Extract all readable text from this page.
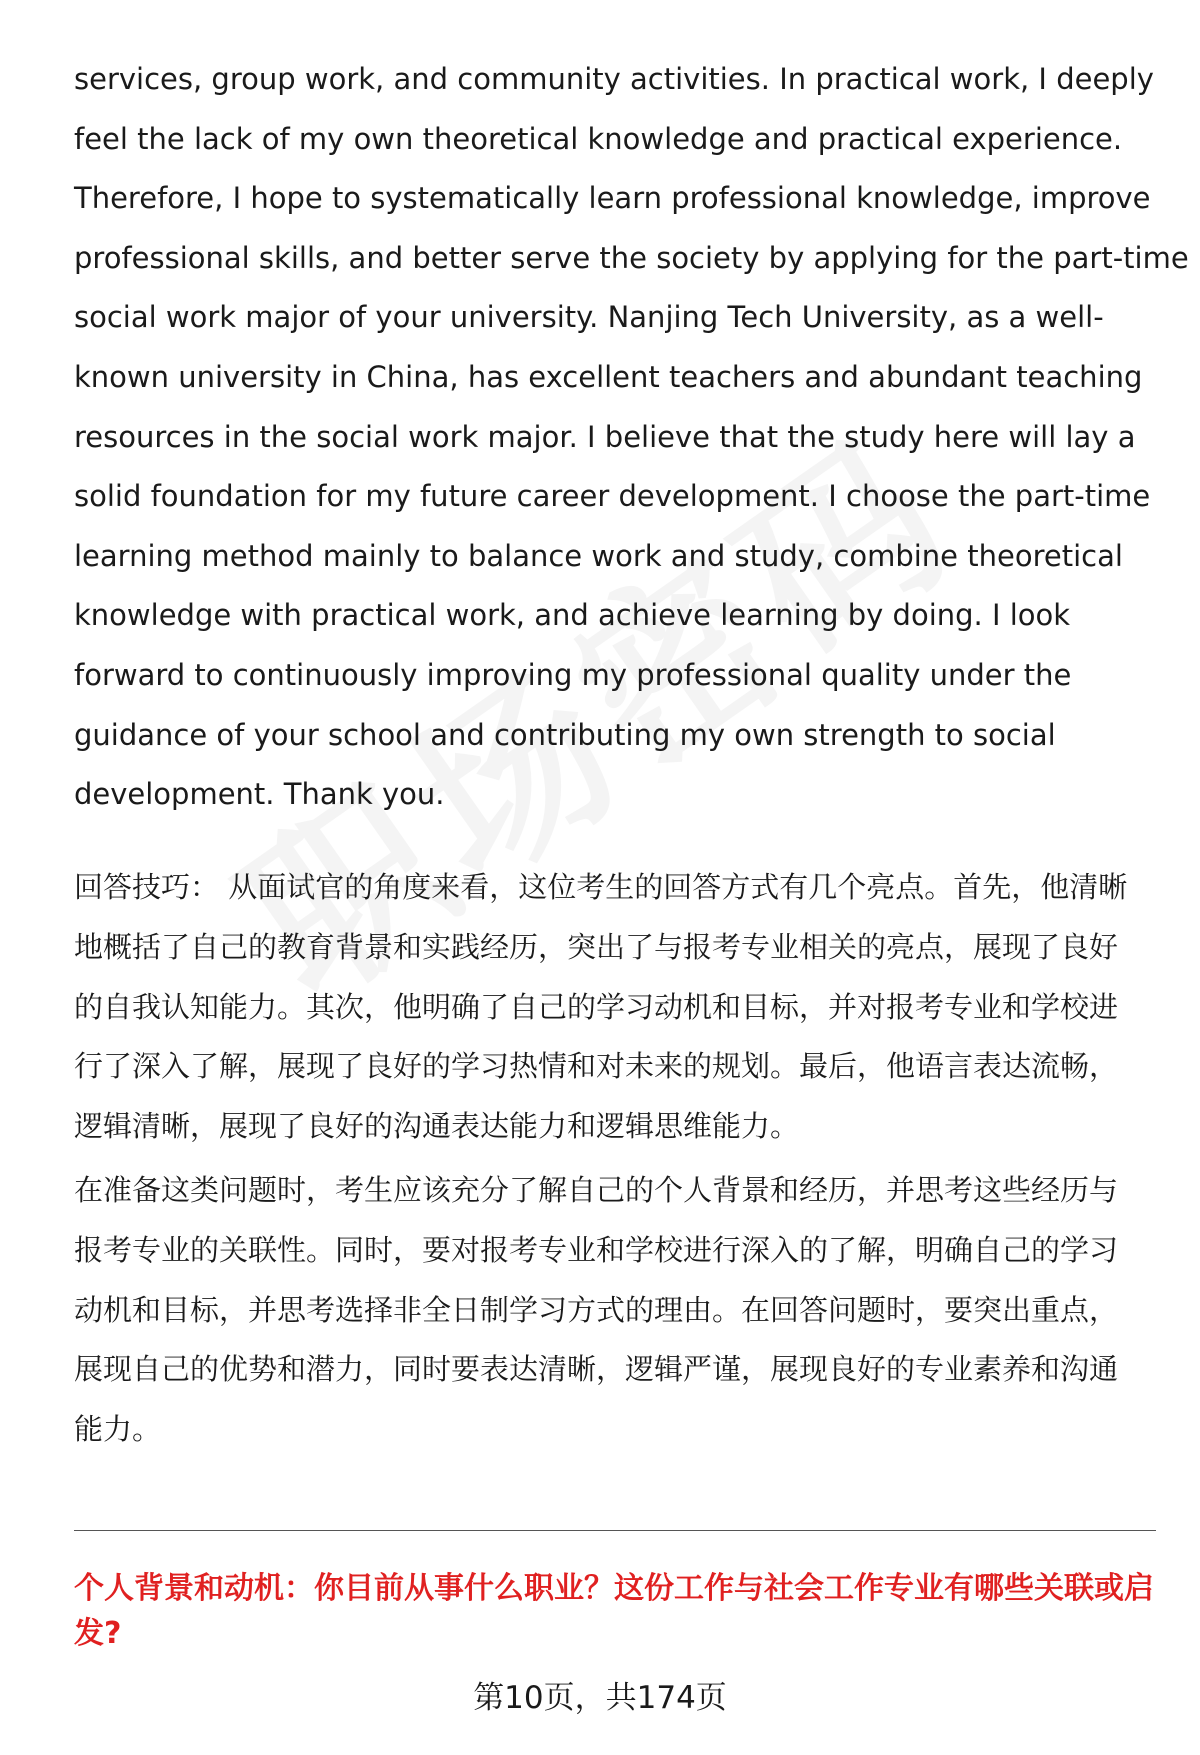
services, group work, and community activities. In practical work, I deeply
feel the lack of my own theoretical knowledge and practical experience.
Therefore, I hope to systematically learn professional knowledge, improve
professional skills, and better serve the society by applying for the part-time
social work major of your university. Nanjing Tech University, as a well-
known university in China, has excellent teachers and abundant teaching
resources in the social work major. I believe that the study here will lay a
solid foundation for my future career development. I choose the part-time
learning method mainly to balance work and study, combine theoretical
knowledge with practical work, and achieve learning by doing. I look
forward to continuously improving my professional quality under the
guidance of your school and contributing my own strength to social
development. Thank you.
回答技巧： 从面试官的角度来看，这位考生的回答方式有几个亮点。首先，他清晰
地概括了自己的教育背景和实践经历，突出了与报考专业相关的亮点，展现了良好
的自我认知能力。其次，他明确了自己的学习动机和目标，并对报考专业和学校进
行了深入了解，展现了良好的学习热情和对未来的规划。最后，他语言表达流畅，
逻辑清晰，展现了良好的沟通表达能力和逻辑思维能力。
在准备这类问题时，考生应该充分了解自己的个人背景和经历，并思考这些经历与
报考专业的关联性。同时，要对报考专业和学校进行深入的了解，明确自己的学习
动机和目标，并思考选择非全日制学习方式的理由。在回答问题时，要突出重点，
展现自己的优势和潜力，同时要表达清晰，逻辑严谨，展现良好的专业素养和沟通
能力。
个人背景和动机：你目前从事什么职业？这份工作与社会工作专业有哪些关联或启
发?
第10页，共174页
